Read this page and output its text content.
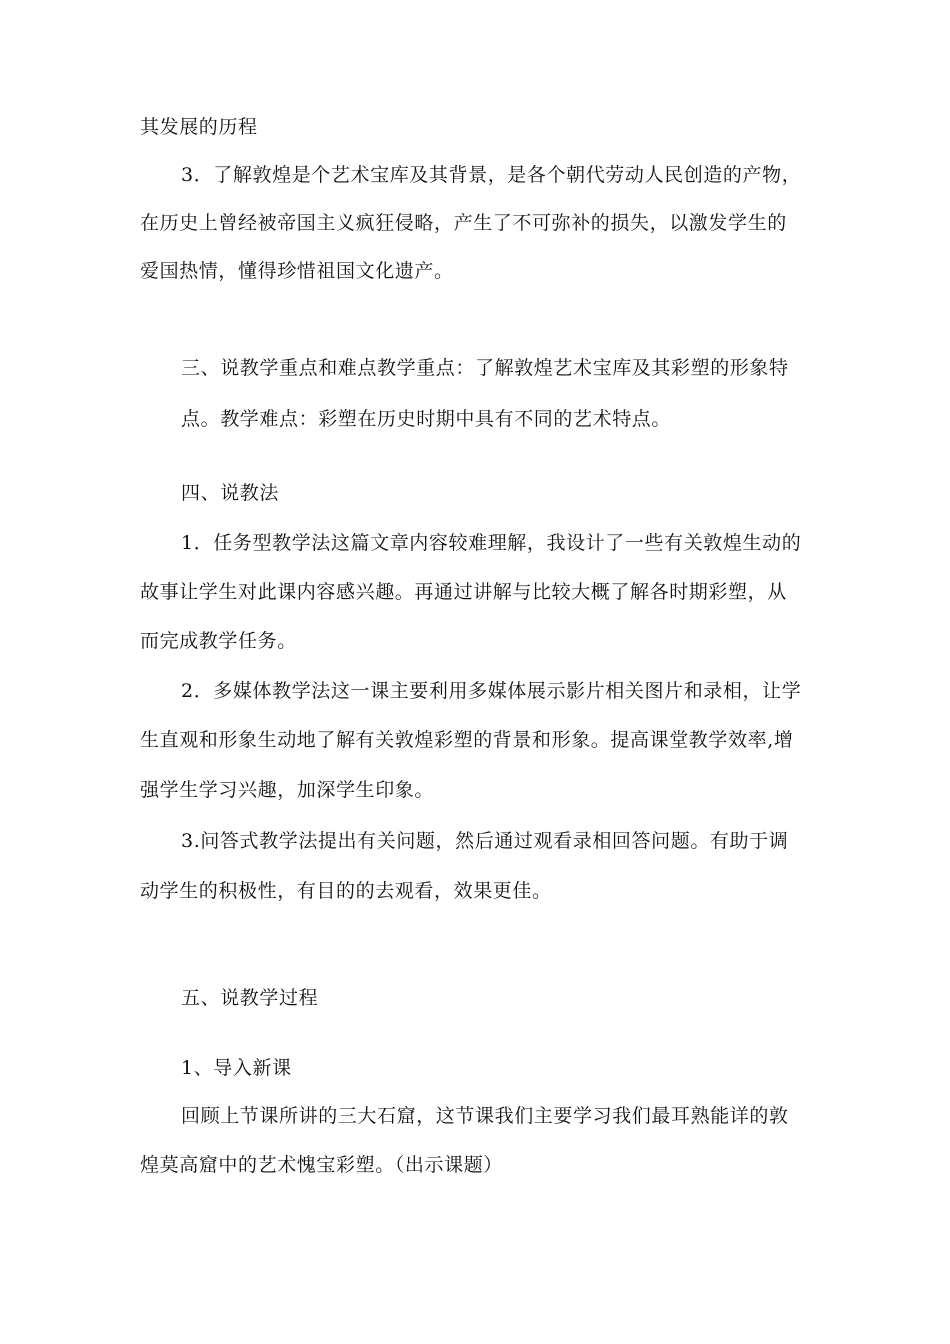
其发展的历程
3．了解敦煌是个艺术宝库及其背景，是各个朝代劳动人民创造的产物，
在历史上曾经被帝国主义疯狂侵略，产生了不可弥补的损失，以激发学生的
爱国热情，懂得珍惜祖国文化遗产。
三、说教学重点和难点教学重点：了解敦煌艺术宝库及其彩塑的形象特
点。教学难点：彩塑在历史时期中具有不同的艺术特点。
四、说教法
1．任务型教学法这篇文章内容较难理解，我设计了一些有关敦煌生动的
故事让学生对此课内容感兴趣。再通过讲解与比较大概了解各时期彩塑，从
而完成教学任务。
2．多媒体教学法这一课主要利用多媒体展示影片相关图片和录相，让学
生直观和形象生动地了解有关敦煌彩塑的背景和形象。提高课堂教学效率,增
强学生学习兴趣，加深学生印象。
3.问答式教学法提出有关问题，然后通过观看录相回答问题。有助于调
动学生的积极性，有目的的去观看，效果更佳。
五、说教学过程
1、导入新课
回顾上节课所讲的三大石窟，这节课我们主要学习我们最耳熟能详的敦
煌莫高窟中的艺术愧宝彩塑。（出示课题）
